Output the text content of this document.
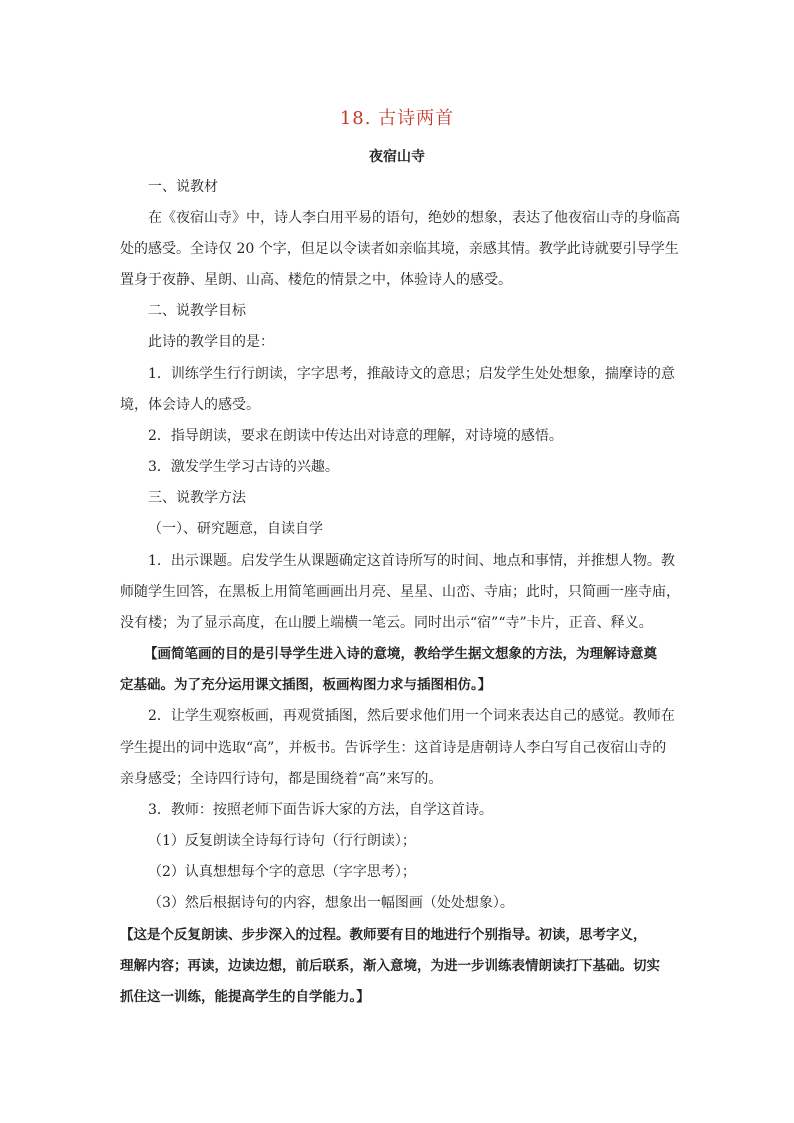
18. 古诗两首
夜宿山寺
一、说教材
在《夜宿山寺》中，诗人李白用平易的语句，绝妙的想象，表达了他夜宿山寺的身临高
处的感受。全诗仅 20 个字，但足以令读者如亲临其境，亲感其情。教学此诗就要引导学生
置身于夜静、星朗、山高、楼危的情景之中，体验诗人的感受。
二、说教学目标
此诗的教学目的是：
1．训练学生行行朗读，字字思考，推敲诗文的意思；启发学生处处想象，揣摩诗的意
境，体会诗人的感受。
2．指导朗读，要求在朗读中传达出对诗意的理解，对诗境的感悟。
3．激发学生学习古诗的兴趣。
三、说教学方法
（一）、研究题意，自读自学
1．出示课题。启发学生从课题确定这首诗所写的时间、地点和事情，并推想人物。教
师随学生回答，在黑板上用简笔画画出月亮、星星、山峦、寺庙；此时，只简画一座寺庙，
没有楼；为了显示高度，在山腰上端横一笔云。同时出示“宿”“寺”卡片，正音、释义。
【画简笔画的目的是引导学生进入诗的意境，教给学生据文想象的方法，为理解诗意奠
定基础。为了充分运用课文插图，板画构图力求与插图相仿。】
2．让学生观察板画，再观赏插图，然后要求他们用一个词来表达自己的感觉。教师在
学生提出的词中选取“高”，并板书。告诉学生：这首诗是唐朝诗人李白写自己夜宿山寺的
亲身感受；全诗四行诗句，都是围绕着“高”来写的。
3．教师：按照老师下面告诉大家的方法，自学这首诗。
（1）反复朗读全诗每行诗句（行行朗读）；
（2）认真想想每个字的意思（字字思考）；
（3）然后根据诗句的内容，想象出一幅图画（处处想象）。
【这是个反复朗读、步步深入的过程。教师要有目的地进行个别指导。初读，思考字义，
理解内容；再读，边读边想，前后联系，渐入意境，为进一步训练表情朗读打下基础。切实
抓住这一训练，能提高学生的自学能力。】
